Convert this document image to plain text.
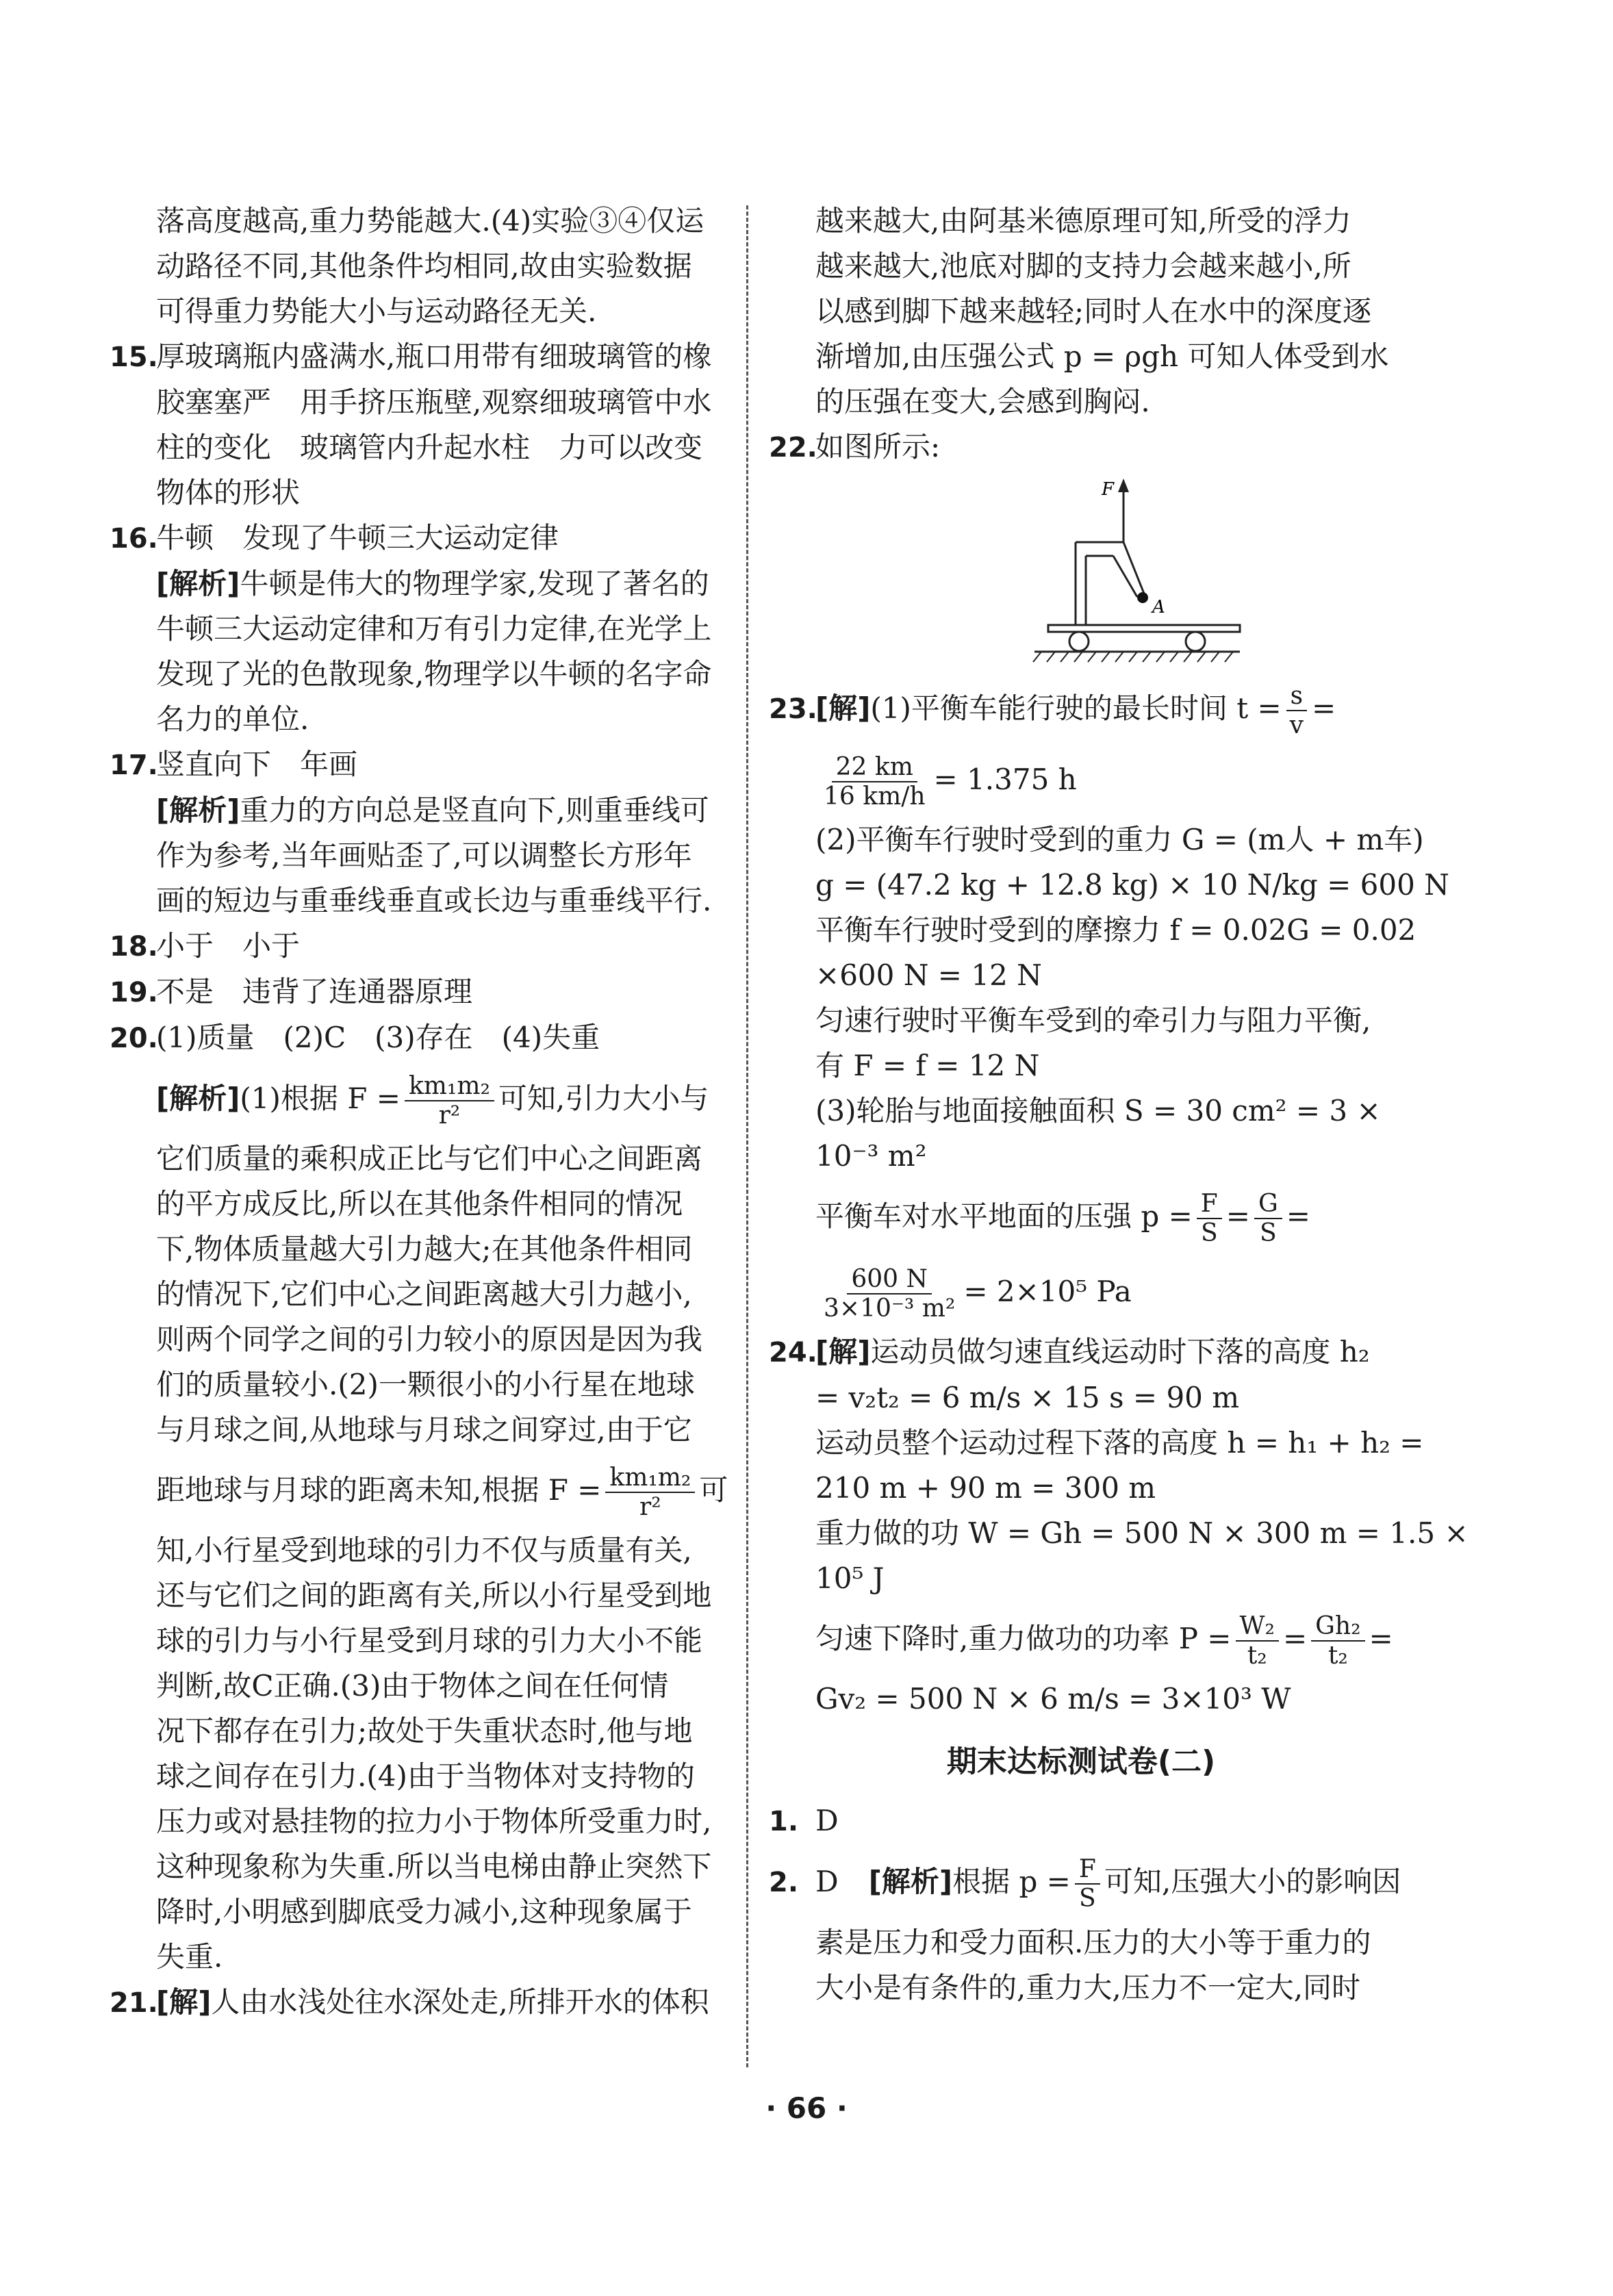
落高度越高,重力势能越大.(4)实验③④仅运
动路径不同,其他条件均相同,故由实验数据
可得重力势能大小与运动路径无关.
15.厚玻璃瓶内盛满水,瓶口用带有细玻璃管的橡
胶塞塞严　用手挤压瓶壁,观察细玻璃管中水
柱的变化　玻璃管内升起水柱　力可以改变
物体的形状
16.牛顿　发现了牛顿三大运动定律
[解析]牛顿是伟大的物理学家,发现了著名的
牛顿三大运动定律和万有引力定律,在光学上
发现了光的色散现象,物理学以牛顿的名字命
名力的单位.
17.竖直向下　年画
[解析]重力的方向总是竖直向下,则重垂线可
作为参考,当年画贴歪了,可以调整长方形年
画的短边与重垂线垂直或长边与重垂线平行.
18.小于　小于
19.不是　违背了连通器原理
20.(1)质量　(2)C　(3)存在　(4)失重
[解析](1)根据 $F = \frac{\text{km₁m₂}}{\text{r²}}$ 可知,引力大小与
它们质量的乘积成正比与它们中心之间距离
的平方成反比,所以在其他条件相同的情况
下,物体质量越大引力越大;在其他条件相同
的情况下,它们中心之间距离越大引力越小,
则两个同学之间的引力较小的原因是因为我
们的质量较小.(2)一颗很小的小行星在地球
与月球之间,从地球与月球之间穿过,由于它
距地球与月球的距离未知,根据 $F = \frac{\text{km₁m₂}}{\text{r²}}$ 可
知,小行星受到地球的引力不仅与质量有关,
还与它们之间的距离有关,所以小行星受到地
球的引力与小行星受到月球的引力大小不能
判断,故C正确.(3)由于物体之间在任何情
况下都存在引力;故处于失重状态时,他与地
球之间存在引力.(4)由于当物体对支持物的
压力或对悬挂物的拉力小于物体所受重力时,
这种现象称为失重.所以当电梯由静止突然下
降时,小明感到脚底受力减小,这种现象属于
失重.
21.[解]人由水浅处往水深处走,所排开水的体积
越来越大,由阿基米德原理可知,所受的浮力
越来越大,池底对脚的支持力会越来越小,所
以感到脚下越来越轻;同时人在水中的深度逐
渐增加,由压强公式 p = ρgh 可知人体受到水
的压强在变大,会感到胸闷.
22.如图所示:
A
F
23.[解](1)平衡车能行驶的最长时间 $t = \frac{s}{v}$ =
$\frac{22 km}{16 km/h} = 1.375$ h
(2)平衡车行驶时受到的重力 G = (m人 + m车)
g = (47.2 kg + 12.8 kg) × 10 N/kg = 600 N
平衡车行驶时受到的摩擦力 f = 0.02G = 0.02
×600 N = 12 N
匀速行驶时平衡车受到的牵引力与阻力平衡,
有 F = f = 12 N
(3)轮胎与地面接触面积 S = 30 cm² = 3 ×
10⁻³ m²
平衡车对水平地面的压强 $p = \frac{F}{S} = \frac{G}{S}$ =
$\frac{600 N}{\text{3×10⁻³ m²}} = 2\times 10^5$ Pa
24.[解]运动员做匀速直线运动时下落的高度 h₂
= v₂t₂ = 6 m/s × 15 s = 90 m
运动员整个运动过程下落的高度 h = h₁ + h₂ =
210 m + 90 m = 300 m
重力做的功 W = Gh = 500 N × 300 m = 1.5 ×
10⁵ J
匀速下降时,重力做功的功率 $P = \frac{\text{W₂}}{\text{t₂}} = \frac{\text{Gh₂}}{\text{t₂}}$ =
Gv₂ = 500 N × 6 m/s = 3×10³ W
期末达标测试卷(二)
1. D
2. D [解析]根据 $p = \frac{F}{S}$ 可知,压强大小的影响因
素是压力和受力面积.压力的大小等于重力的
大小是有条件的,重力大,压力不一定大,同时
· 66 ·
